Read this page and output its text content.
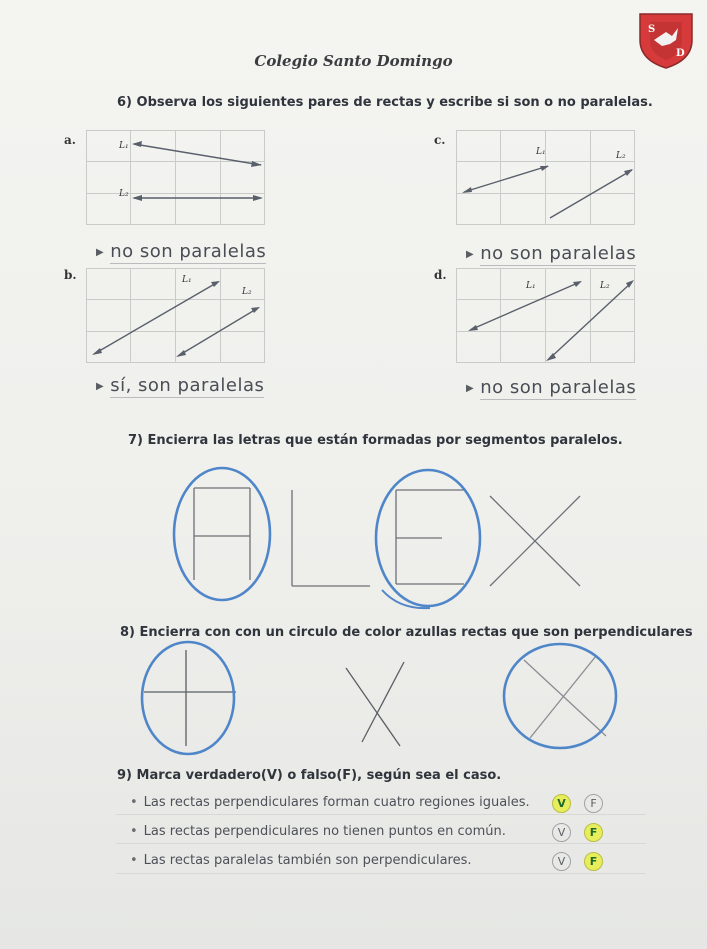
S
D
Colegio Santo Domingo
6) Observa los siguientes pares de rectas y escribe si son o no paralelas.
a.	L₁
L₂
▶ no son paralelas
c.
L₁	L₂
▶ no son paralelas
b.	L₁
L₂
▶ sí, son paralelas
d.
L₁	L₂
▶ no son paralelas
7) Encierra las letras que están formadas por segmentos paralelos.
8) Encierra con con un circulo de color azullas rectas que son perpendiculares
9) Marca verdadero(V) o falso(F), según sea el caso.
• Las rectas perpendiculares forman cuatro regiones iguales.	V	F
• Las rectas perpendiculares no tienen puntos en común.	V	F
• Las rectas paralelas también son perpendiculares.	V	F
